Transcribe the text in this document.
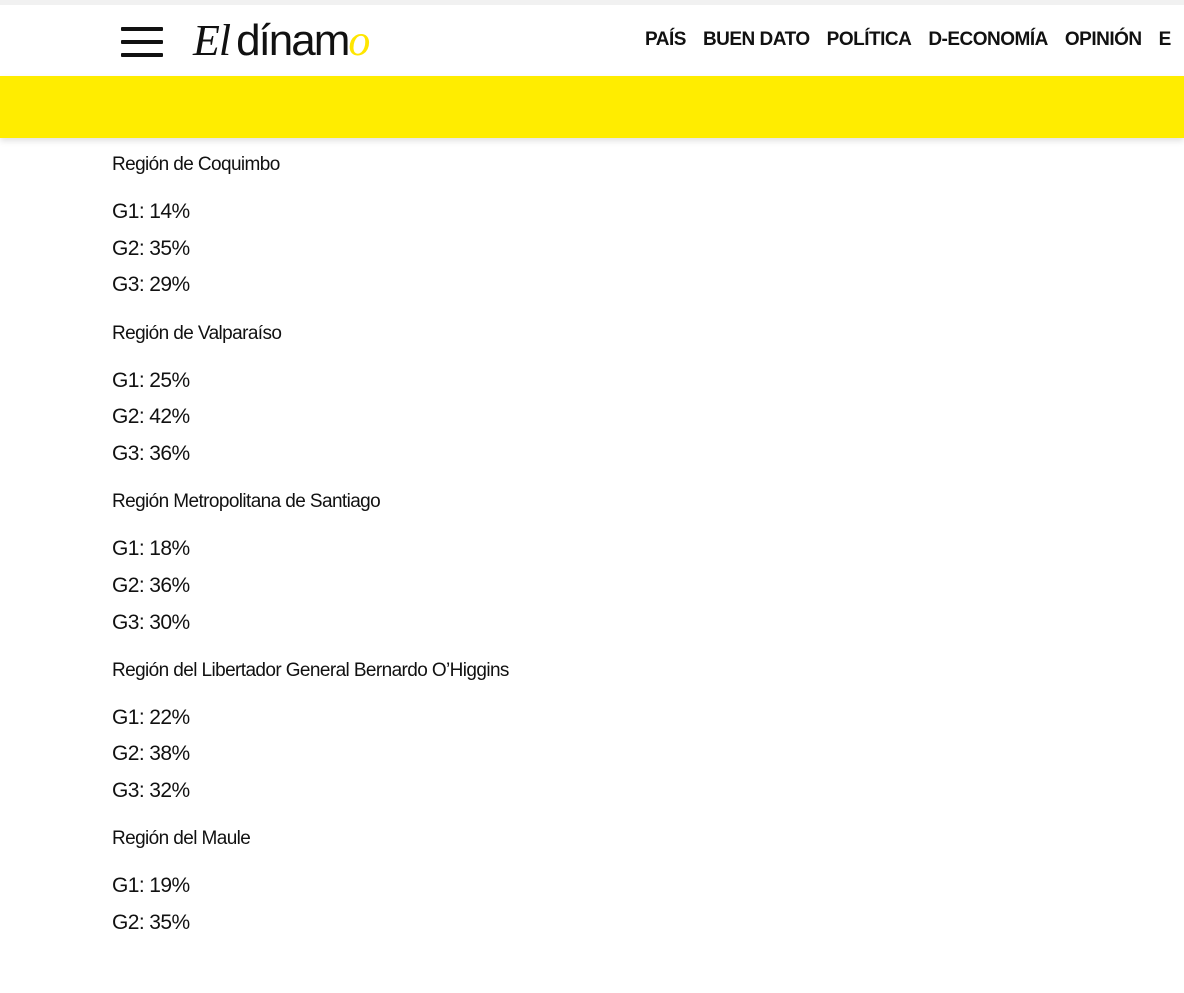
El dínamo	PAÍS BUEN DATO POLÍTICA D-ECONOMÍA OPINIÓN E
Región de Coquimbo
G1: 14%
G2: 35%
G3: 29%
Región de Valparaíso
G1: 25%
G2: 42%
G3: 36%
Región Metropolitana de Santiago
G1: 18%
G2: 36%
G3: 30%
Región del Libertador General Bernardo O’Higgins
G1: 22%
G2: 38%
G3: 32%
Región del Maule
G1: 19%
G2: 35%
